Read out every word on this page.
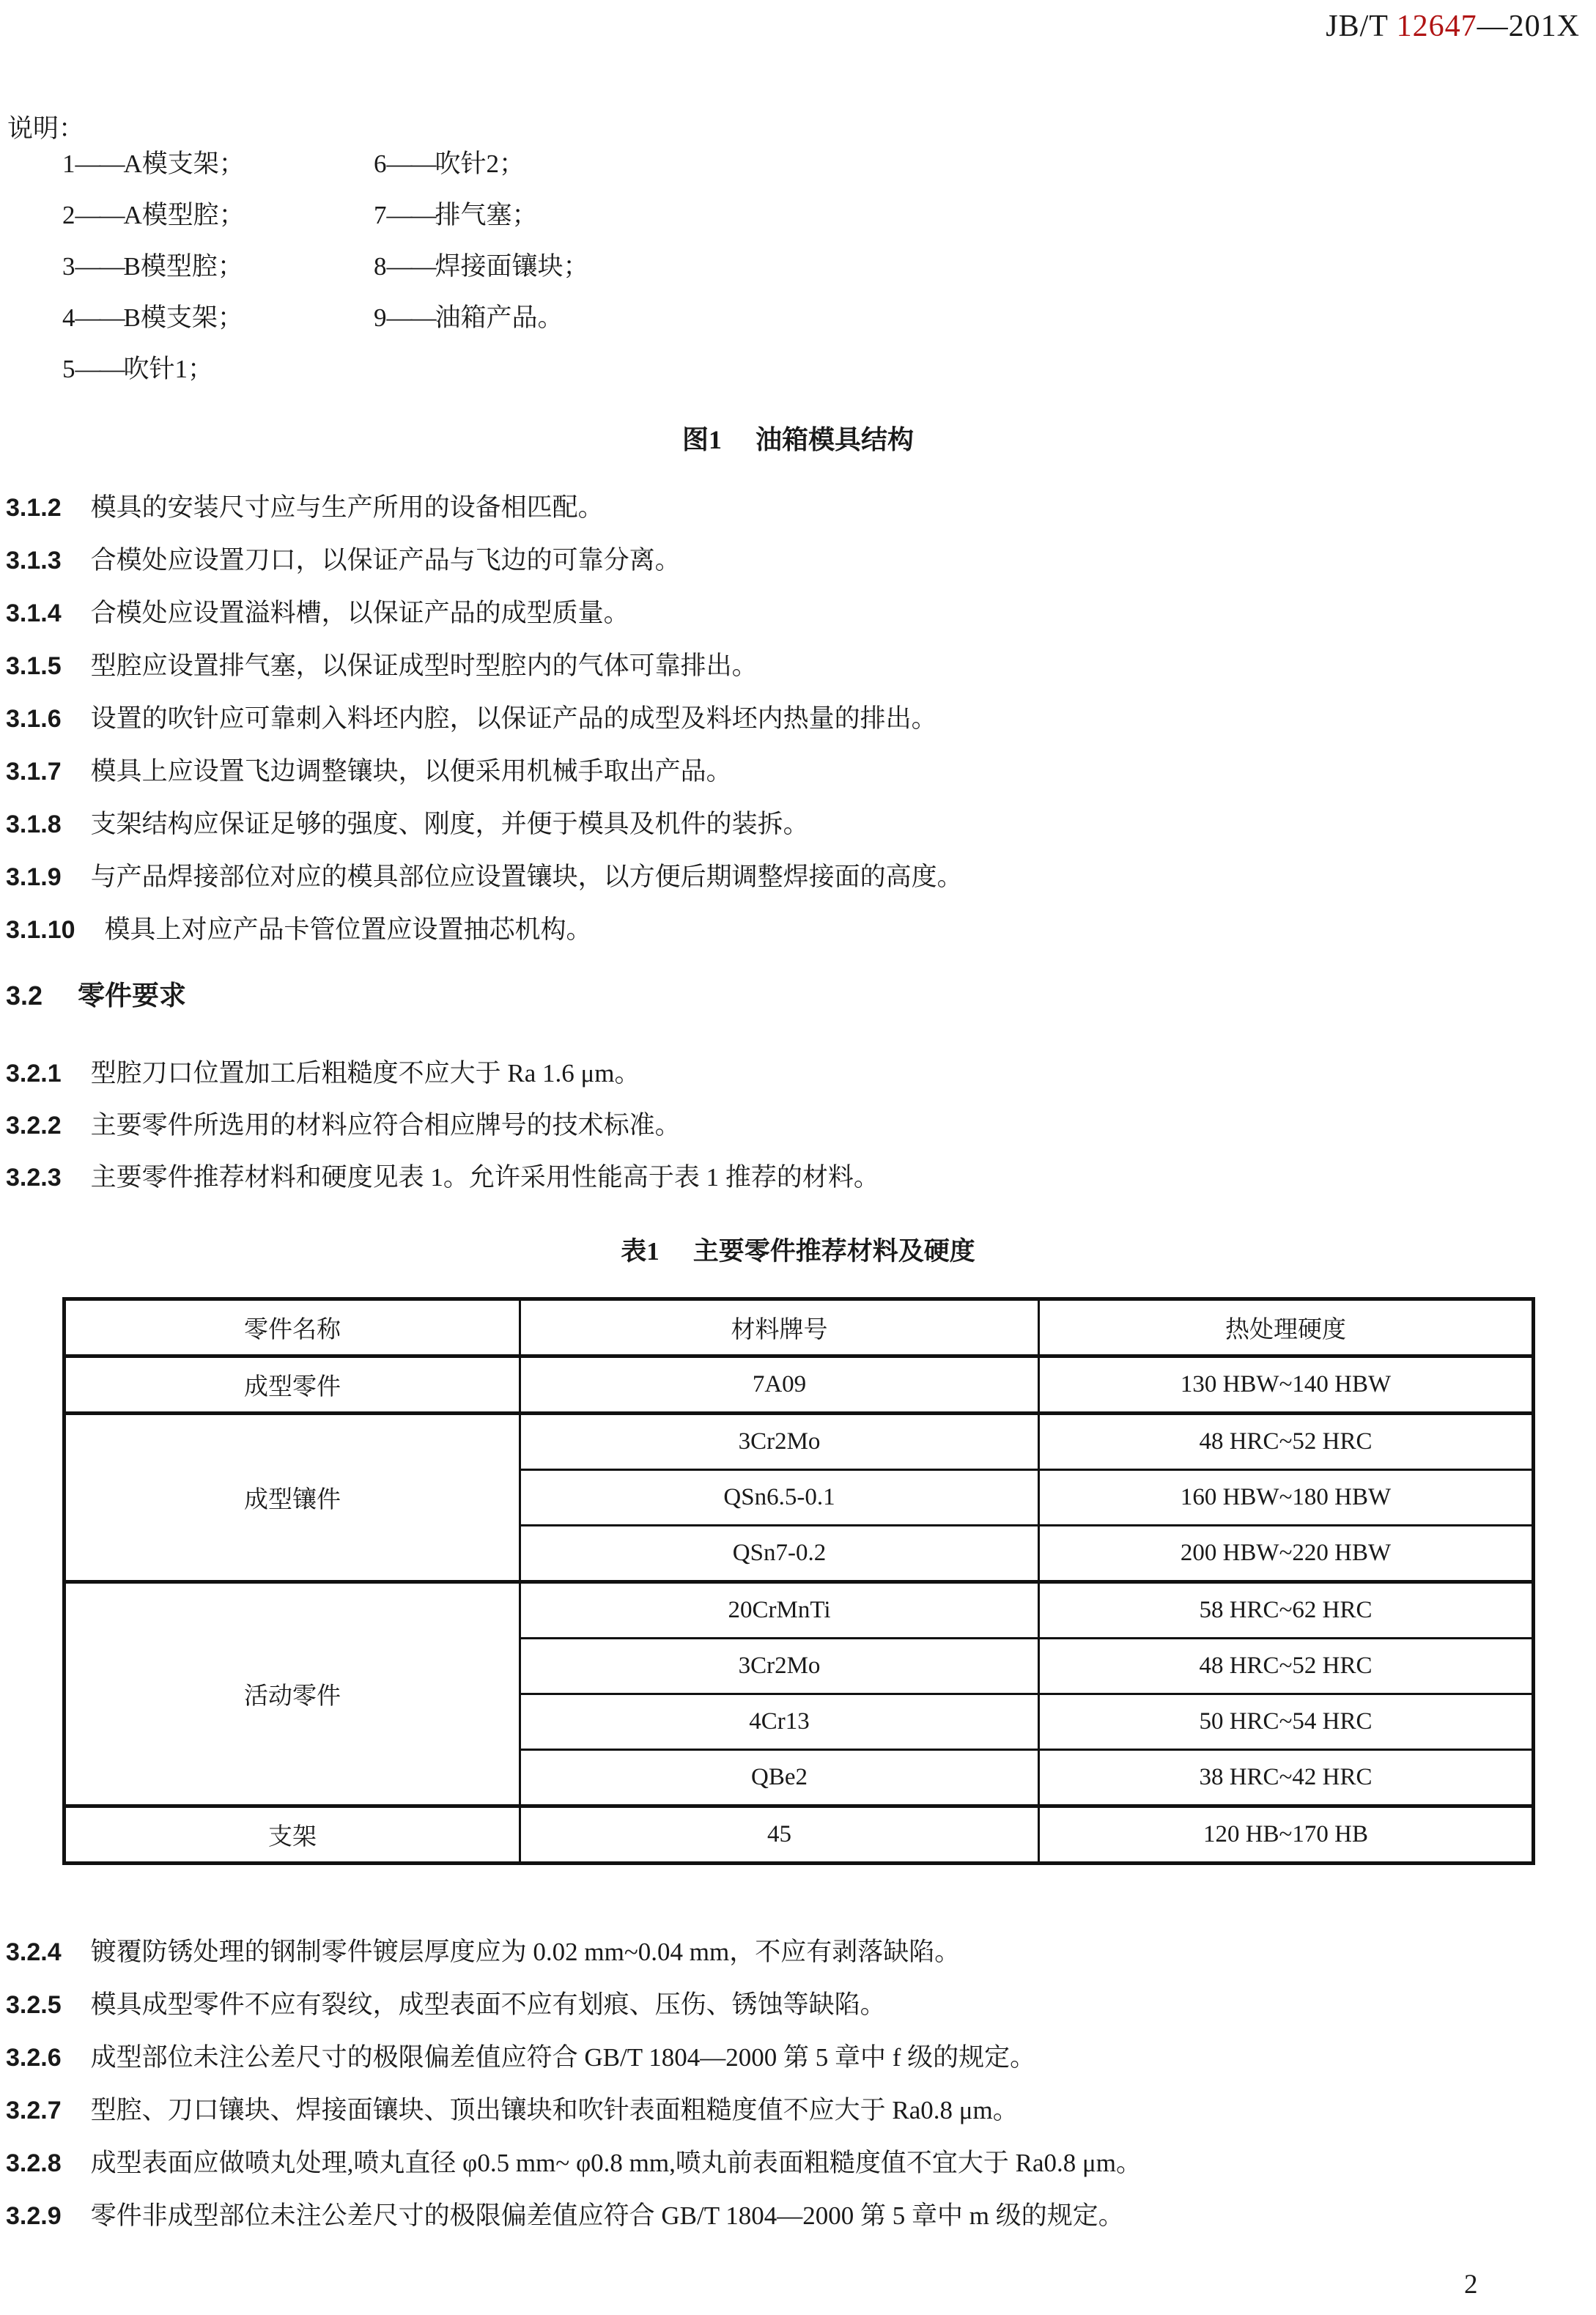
JB/T 12647—201X
说明：
1——A模支架；	6——吹针2；
2——A模型腔；	7——排气塞；
3——B模型腔；	8——焊接面镶块；
4——B模支架；	9——油箱产品。
5——吹针1；
图1 油箱模具结构
3.1.2 模具的安装尺寸应与生产所用的设备相匹配。
3.1.3 合模处应设置刀口，以保证产品与飞边的可靠分离。
3.1.4 合模处应设置溢料槽，以保证产品的成型质量。
3.1.5 型腔应设置排气塞，以保证成型时型腔内的气体可靠排出。
3.1.6 设置的吹针应可靠刺入料坯内腔，以保证产品的成型及料坯内热量的排出。
3.1.7 模具上应设置飞边调整镶块，以便采用机械手取出产品。
3.1.8 支架结构应保证足够的强度、刚度，并便于模具及机件的装拆。
3.1.9 与产品焊接部位对应的模具部位应设置镶块，以方便后期调整焊接面的高度。
3.1.10 模具上对应产品卡管位置应设置抽芯机构。
3.2 零件要求
3.2.1 型腔刀口位置加工后粗糙度不应大于 Ra 1.6 μm。
3.2.2 主要零件所选用的材料应符合相应牌号的技术标准。
3.2.3 主要零件推荐材料和硬度见表 1。允许采用性能高于表 1 推荐的材料。
表1 主要零件推荐材料及硬度
零件名称	材料牌号	热处理硬度
成型零件	7A09	130 HBW~140 HBW
成型镶件	3Cr2Mo	48 HRC~52 HRC
	QSn6.5-0.1	160 HBW~180 HBW
	QSn7-0.2	200 HBW~220 HBW
活动零件	20CrMnTi	58 HRC~62 HRC
	3Cr2Mo	48 HRC~52 HRC
	4Cr13	50 HRC~54 HRC
	QBe2	38 HRC~42 HRC
支架	45	120 HB~170 HB
3.2.4 镀覆防锈处理的钢制零件镀层厚度应为 0.02 mm~0.04 mm，不应有剥落缺陷。
3.2.5 模具成型零件不应有裂纹，成型表面不应有划痕、压伤、锈蚀等缺陷。
3.2.6 成型部位未注公差尺寸的极限偏差值应符合 GB/T 1804—2000 第 5 章中 f 级的规定。
3.2.7 型腔、刀口镶块、焊接面镶块、顶出镶块和吹针表面粗糙度值不应大于 Ra0.8 μm。
3.2.8 成型表面应做喷丸处理,喷丸直径 φ0.5 mm~ φ0.8 mm,喷丸前表面粗糙度值不宜大于 Ra0.8 μm。
3.2.9 零件非成型部位未注公差尺寸的极限偏差值应符合 GB/T 1804—2000 第 5 章中 m 级的规定。
2
